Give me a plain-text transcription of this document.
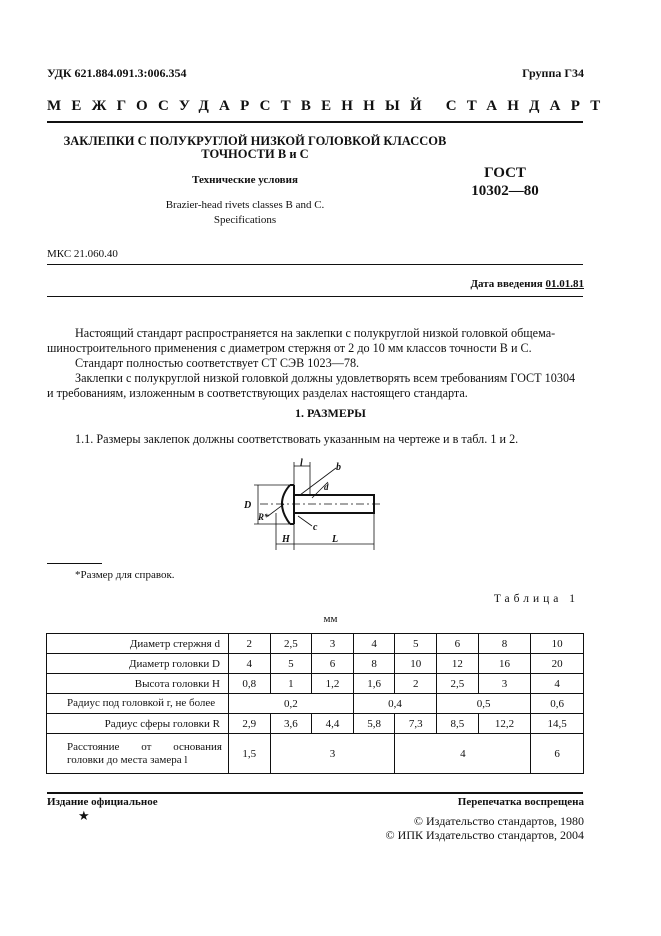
УДК 621.884.091.3:006.354	Группа Г34
МЕЖГОСУДАРСТВЕННЫЙ СТАНДАРТ
ЗАКЛЕПКИ С ПОЛУКРУГЛОЙ НИЗКОЙ ГОЛОВКОЙ КЛАССОВ
ТОЧНОСТИ В и С
Технические условия
Brazier-head rivets classes B and C.
Specifications
ГОСТ
10302—80
МКС 21.060.40
Дата введения 01.01.81
Настоящий стандарт распространяется на заклепки с полукруглой низкой головкой общема-
шиностроительного применения с диаметром стержня от 2 до 10 мм классов точности В и С.
Стандарт полностью соответствует СТ СЭВ 1023—78.
Заклепки с полукруглой низкой головкой должны удовлетворять всем требованиям ГОСТ 10304
и требованиям, изложенным в соответствующих разделах настоящего стандарта.
1. РАЗМЕРЫ
1.1. Размеры заклепок должны соответствовать указанным на чертеже и в табл. 1 и 2.
l	b
D
R*
d
c
H	L
*Размер для справок.
Таблица 1
мм
Диаметр стержня d	2	2,5	3	4	5	6	8	10
Диаметр головки D	4	5	6	8	10	12	16	20
Высота головки H	0,8	1	1,2	1,6	2	2,5	3	4
Радиус под головкой r, не более	0,2			0,4		0,5		0,6
Радиус сферы головки R	2,9	3,6	4,4	5,8	7,3	8,5	12,2	14,5
Расстояние от основания головки до места замера l	1,5	3			4			6
Издание официальное
★
Перепечатка воспрещена
© Издательство стандартов, 1980
© ИПК Издательство стандартов, 2004
